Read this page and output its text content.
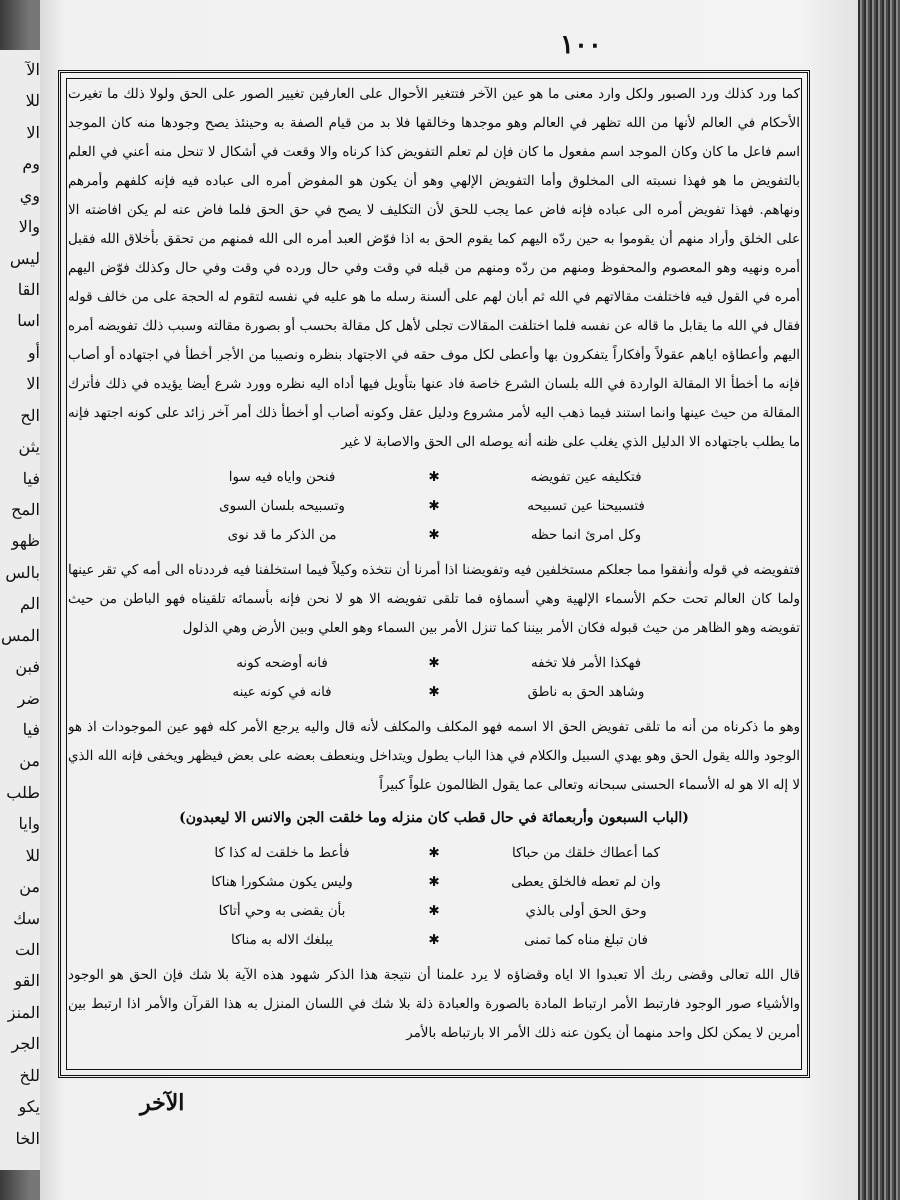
الآ
للا
الا
وم
وي
والا
ليس
القا
اسا
أو
الا
الح
يثن
فيا
المح
ظهو
بالس
الم
المس
فبن
ضر
فيا
من
طلب
وايا
للا
من
سك
الت
القو
المنز
الجر
للخ
يكو
الخا
١٠٠

كما ورد كذلك ورد الصبور ولكل وارد معنى ما هو عين الآخر فتتغير الأحوال على العارفين تغيير الصور على الحق ولولا ذلك ما تغيرت الأحكام في العالم لأنها من الله تظهر في العالم وهو موجدها وخالقها فلا بد من قيام الصفة به وحينئذ يصح وجودها منه كان الموجد اسم فاعل ما كان وكان الموجد اسم مفعول ما كان فإن لم تعلم التفويض كذا كرناه والا وقعت في أشكال لا تنحل منه أعني في العلم بالتفويض ما هو فهذا نسبته الى المخلوق وأما التفويض الإلهي وهو أن يكون هو المفوض أمره الى عباده فيه فإنه كلفهم وأمرهم ونهاهم. فهذا تفويض أمره الى عباده فإنه فاض عما يجب للحق لأن التكليف لا يصح في حق الحق فلما فاض عنه لم يكن افاضته الا على الخلق وأراد منهم أن يقوموا به حين ردّه اليهم كما يقوم الحق به اذا فوّض العبد أمره الى الله فمنهم من تحقق بأخلاق الله فقبل أمره ونهيه وهو المعصوم والمحفوظ ومنهم من ردّه ومنهم من قبله في وقت وفي حال ورده في وقت وفي حال وكذلك فوّض اليهم أمره في القول فيه فاختلفت مقالاتهم في الله ثم أبان لهم على ألسنة رسله ما هو عليه في نفسه لتقوم له الحجة على من خالف قوله فقال في الله ما يقابل ما قاله عن نفسه فلما اختلفت المقالات تجلى لأهل كل مقالة بحسب أو بصورة مقالته وسبب ذلك تفويضه أمره اليهم وأعطاؤه اياهم عقولاً وأفكاراً يتفكرون بها وأعطى لكل موف حقه في الاجتهاد بنظره ونصيبا من الأجر أخطأ في اجتهاده أو أصاب فإنه ما أخطأ الا المقالة الواردة في الله بلسان الشرع خاصة فاد عنها بتأويل فيها أداه اليه نظره وورد شرع أيضا يؤيده في ذلك فأترك المقالة من حيث عينها وانما استند فيما ذهب اليه لأمر مشروع ودليل عقل وكونه أصاب أو أخطأ ذلك أمر آخر زائد على كونه اجتهد فإنه ما يطلب باجتهاده الا الدليل الذي يغلب على ظنه أنه يوصله الى الحق والاصابة لا غير

فتكليفه عين تفويضه
✱
فنحن واياه فيه سوا
فتسبيحنا عين تسبيحه
✱
وتسبيحه بلسان السوى
وكل امرئ انما حظه
✱
من الذكر ما قد نوى

فتفويضه في قوله وأنفقوا مما جعلكم مستخلفين فيه وتفويضنا اذا أمرنا أن نتخذه وكيلاً فيما استخلفنا فيه فرددناه الى أمه كي تقر عينها ولما كان العالم تحت حكم الأسماء الإلهية وهي أسماؤه فما تلقى تفويضه الا هو لا نحن فإنه بأسمائه تلقيناه فهو الباطن من حيث تفويضه وهو الظاهر من حيث قبوله فكان الأمر بيننا كما تنزل الأمر بين السماء وهو العلي وبين الأرض وهي الذلول

فهكذا الأمر فلا تخفه
✱
فانه أوضحه كونه
وشاهد الحق به ناطق
✱
فانه في كونه عينه

وهو ما ذكرناه من أنه ما تلقى تفويض الحق الا اسمه فهو المكلف والمكلف لأنه قال واليه يرجع الأمر كله فهو عين الموجودات اذ هو الوجود والله يقول الحق وهو يهدي السبيل والكلام في هذا الباب يطول ويتداخل وينعطف بعضه على بعض فيظهر ويخفى فإنه الله الذي لا إله الا هو له الأسماء الحسنى سبحانه وتعالى عما يقول الظالمون علواً كبيراً

(الباب السبعون وأربعمائة في حال قطب كان منزله وما خلقت الجن والانس الا ليعبدون)
كما أعطاك خلقك من حباكا
✱
فأعط ما خلقت له كذا كا
وان لم تعطه فالخلق يعطى
✱
وليس يكون مشكورا هناكا
وحق الحق أولى بالذي
✱
بأن يقضى به وحي أتاكا
فان تبلغ مناه كما تمنى
✱
يبلغك الاله به مناكا

قال الله تعالى وقضى ربك ألا تعبدوا الا اياه وقضاؤه لا يرد علمنا أن نتيجة هذا الذكر شهود هذه الآية بلا شك فإن الحق هو الوجود والأشياء صور الوجود فارتبط الأمر ارتباط المادة بالصورة والعبادة ذلة بلا شك في اللسان المنزل به هذا القرآن والأمر اذا ارتبط بين أمرين لا يمكن لكل واحد منهما أن يكون عنه ذلك الأمر الا بارتباطه بالأمر

الآخر
